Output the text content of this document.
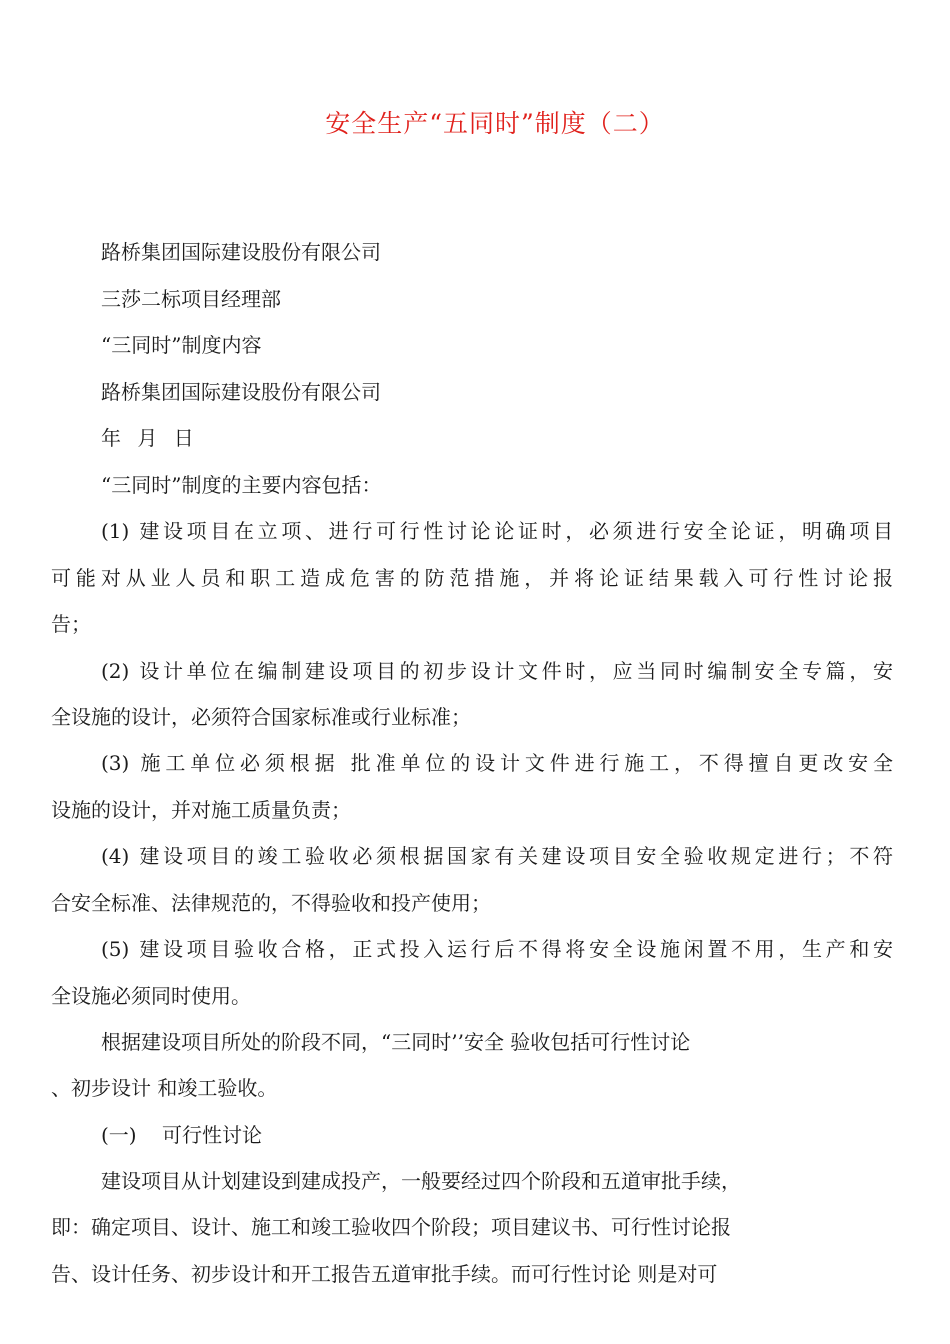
安全生产“五同时”制度（二）
路桥集团国际建设股份有限公司
三莎二标项目经理部
“三同时”制度内容
路桥集团国际建设股份有限公司
年 月 日
“三同时”制度的主要内容包括：
(1) 建设项目在立项、进行可行性讨论论证时，必须进行安全论证，明确项目
可能对从业人员和职工造成危害的防范措施，并将论证结果载入可行性讨论报
告；
(2) 设计单位在编制建设项目的初步设计文件时，应当同时编制安全专篇，安
全设施的设计，必须符合国家标准或行业标准；
(3) 施工单位必须根据 批准单位的设计文件进行施工，不得擅自更改安全
设施的设计，并对施工质量负责；
(4) 建设项目的竣工验收必须根据国家有关建设项目安全验收规定进行；不符
合安全标准、法律规范的，不得验收和投产使用；
(5) 建设项目验收合格，正式投入运行后不得将安全设施闲置不用，生产和安
全设施必须同时使用。
根据建设项目所处的阶段不同，“三同时’’安全 验收包括可行性讨论
、初步设计 和竣工验收。
(一)    可行性讨论
建设项目从计划建设到建成投产，一般要经过四个阶段和五道审批手续，
即：确定项目、设计、施工和竣工验收四个阶段；项目建议书、可行性讨论报
告、设计任务、初步设计和开工报告五道审批手续。而可行性讨论 则是对可
